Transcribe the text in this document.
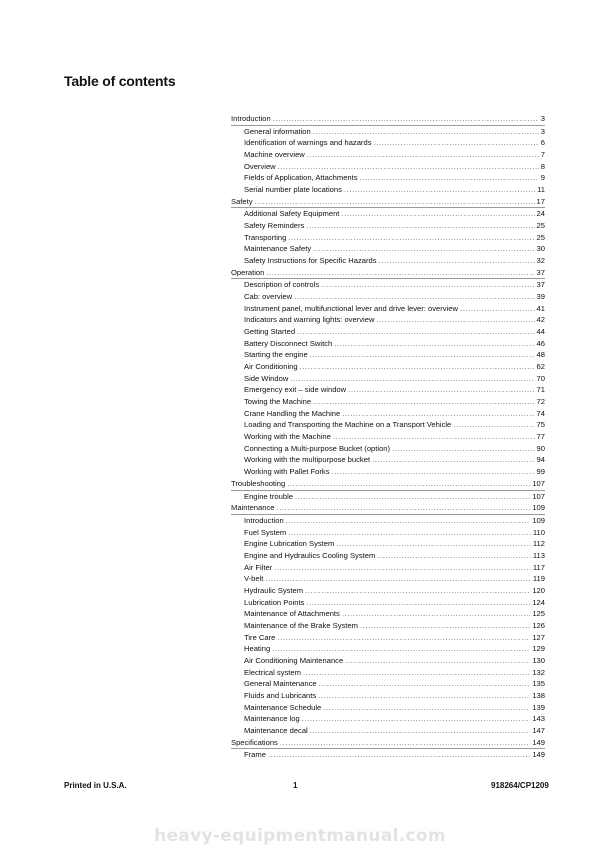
Table of contents
Introduction .....	3
General information .....	3
Identification of warnings and hazards .....	6
Machine overview .....	7
Overview .....	8
Fields of Application, Attachments .....	9
Serial number plate locations .....	11
Safety .....	17
Additional Safety Equipment .....	24
Safety Reminders .....	25
Transporting .....	25
Maintenance Safety .....	30
Safety Instructions for Specific Hazards .....	32
Operation .....	37
Description of controls .....	37
Cab: overview .....	39
Instrument panel, multifunctional lever and drive lever: overview .....	41
Indicators and warning lights: overview .....	42
Getting Started .....	44
Battery Disconnect Switch .....	46
Starting the engine .....	48
Air Conditioning .....	62
Side Window .....	70
Emergency exit – side window .....	71
Towing the Machine .....	72
Crane Handling the Machine .....	74
Loading and Transporting the Machine on a Transport Vehicle .....	75
Working with the Machine .....	77
Connecting a Multi-purpose Bucket (option) .....	90
Working with the multipurpose bucket .....	94
Working with Pallet Forks .....	99
Troubleshooting .....	107
Engine trouble .....	107
Maintenance .....	109
Introduction .....	109
Fuel System .....	110
Engine Lubrication System .....	112
Engine and Hydraulics Cooling System .....	113
Air Filter .....	117
V-belt .....	119
Hydraulic System .....	120
Lubrication Points .....	124
Maintenance of Attachments .....	125
Maintenance of the Brake System .....	126
Tire Care .....	127
Heating .....	129
Air Conditioning Maintenance .....	130
Electrical system .....	132
General Maintenance .....	135
Fluids and Lubricants .....	138
Maintenance Schedule .....	139
Maintenance log .....	143
Maintenance decal .....	147
Specifications .....	149
Frame .....	149
Printed in U.S.A.	1	918264/CP1209
heavy-equipmentmanual.com
